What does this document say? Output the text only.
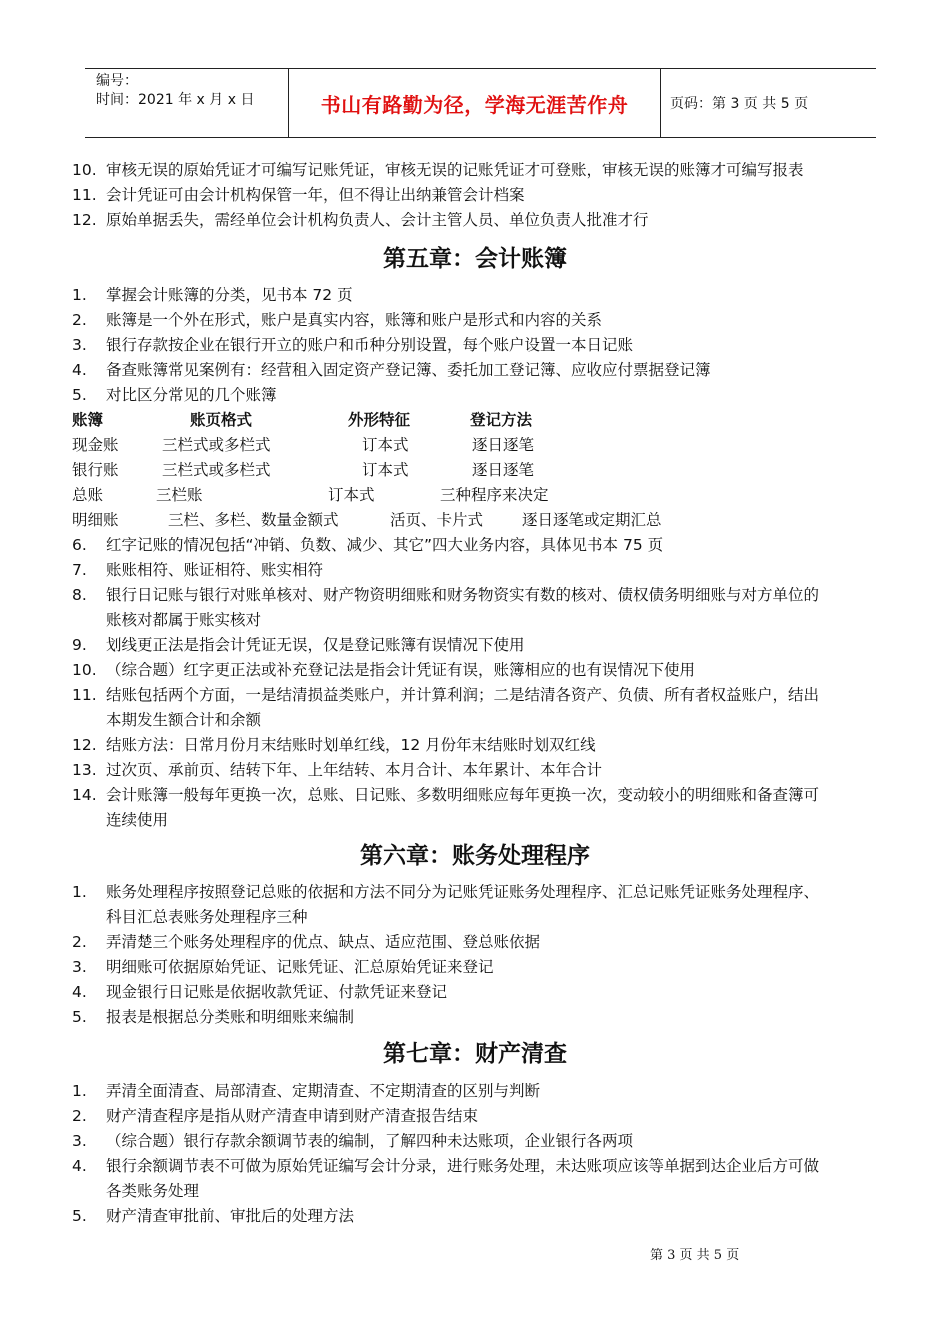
编号：
时间：2021 年 x 月 x 日	书山有路勤为径，学海无涯苦作舟	页码：第 3 页 共 5 页
10. 审核无误的原始凭证才可编写记账凭证，审核无误的记账凭证才可登账，审核无误的账簿才可编写报表
11. 会计凭证可由会计机构保管一年，但不得让出纳兼管会计档案
12. 原始单据丢失，需经单位会计机构负责人、会计主管人员、单位负责人批准才行
第五章：会计账簿
1. 掌握会计账簿的分类，见书本 72 页
2. 账簿是一个外在形式，账户是真实内容，账簿和账户是形式和内容的关系
3. 银行存款按企业在银行开立的账户和币种分别设置，每个账户设置一本日记账
4. 备查账簿常见案例有：经营租入固定资产登记簿、委托加工登记簿、应收应付票据登记簿
5. 对比区分常见的几个账簿
账簿	账页格式	外形特征	登记方法
现金账	三栏式或多栏式	订本式	逐日逐笔
银行账	三栏式或多栏式	订本式	逐日逐笔
总账	三栏账	订本式	三种程序来决定
明细账	三栏、多栏、数量金额式	活页、卡片式	逐日逐笔或定期汇总
6. 红字记账的情况包括“冲销、负数、减少、其它”四大业务内容，具体见书本 75 页
7. 账账相符、账证相符、账实相符
8. 银行日记账与银行对账单核对、财产物资明细账和财务物资实有数的核对、债权债务明细账与对方单位的
账核对都属于账实核对
9. 划线更正法是指会计凭证无误，仅是登记账簿有误情况下使用
10. （综合题）红字更正法或补充登记法是指会计凭证有误，账簿相应的也有误情况下使用
11. 结账包括两个方面，一是结清损益类账户，并计算利润；二是结清各资产、负债、所有者权益账户，结出
本期发生额合计和余额
12. 结账方法：日常月份月末结账时划单红线，12 月份年末结账时划双红线
13. 过次页、承前页、结转下年、上年结转、本月合计、本年累计、本年合计
14. 会计账簿一般每年更换一次，总账、日记账、多数明细账应每年更换一次，变动较小的明细账和备查簿可
连续使用
第六章：账务处理程序
1. 账务处理程序按照登记总账的依据和方法不同分为记账凭证账务处理程序、汇总记账凭证账务处理程序、
科目汇总表账务处理程序三种
2. 弄清楚三个账务处理程序的优点、缺点、适应范围、登总账依据
3. 明细账可依据原始凭证、记账凭证、汇总原始凭证来登记
4. 现金银行日记账是依据收款凭证、付款凭证来登记
5. 报表是根据总分类账和明细账来编制
第七章：财产清查
1. 弄清全面清查、局部清查、定期清查、不定期清查的区别与判断
2. 财产清查程序是指从财产清查申请到财产清查报告结束
3. （综合题）银行存款余额调节表的编制，了解四种未达账项，企业银行各两项
4. 银行余额调节表不可做为原始凭证编写会计分录，进行账务处理，未达账项应该等单据到达企业后方可做
各类账务处理
5. 财产清查审批前、审批后的处理方法
第 3 页 共 5 页
